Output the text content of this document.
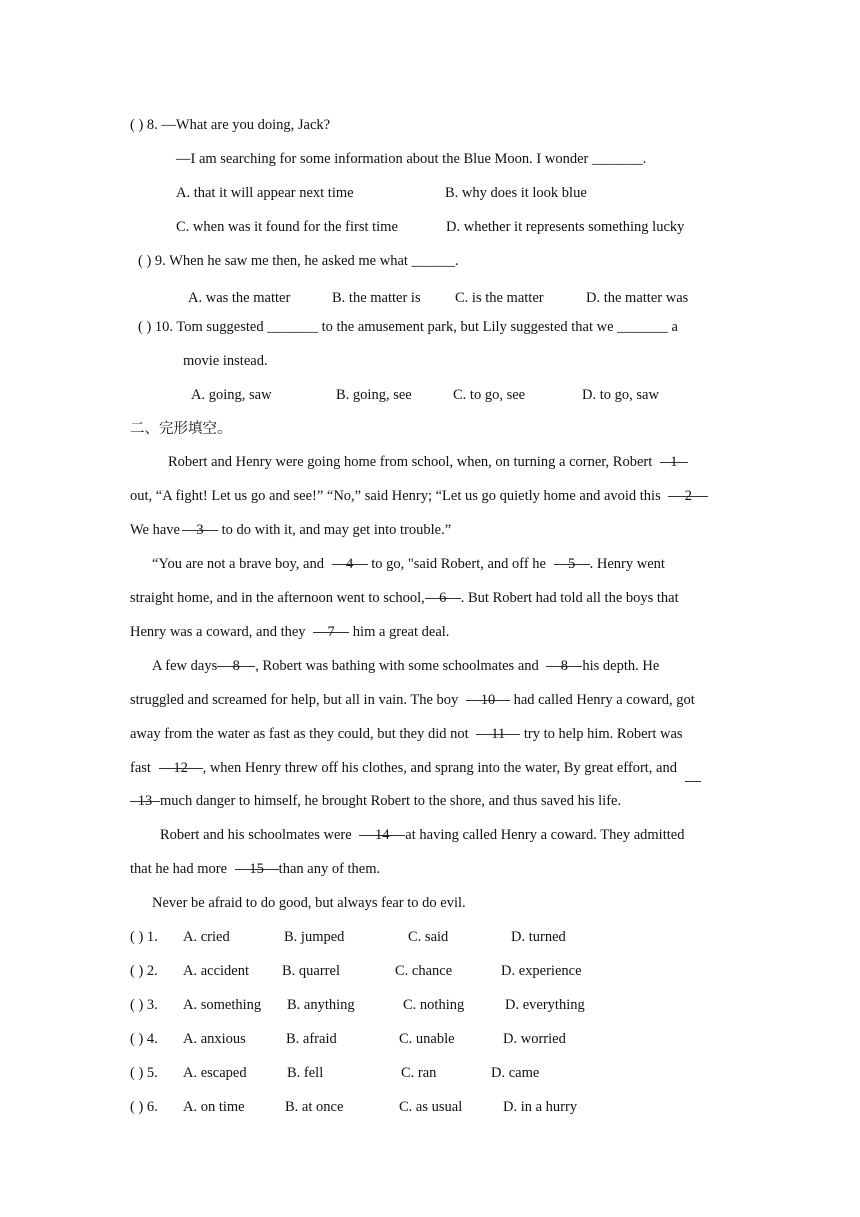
( ) 8. —What are you doing, Jack?
—I am searching for some information about the Blue Moon. I wonder _______.
A. that it will appear next time	B. why does it look blue
C. when was it found for the first time	D. whether it represents something lucky
( ) 9. When he saw me then, he asked me what ______.
A. was the matter	B. the matter is C. is the matter	D. the matter was
( ) 10. Tom suggested _______ to the amusement park, but Lily suggested that we _______ a
movie instead.
A. going, saw	B. going, see	C. to go, see	D. to go, saw
二、完形填空。
Robert and Henry were going home from school, when, on turning a corner, Robert 1
out, “A fight! Let us go and see!” “No,” said Henry; “Let us go quietly home and avoid this 2
We have 3 to do with it, and may get into trouble.”
“You are not a brave boy, and 4 to go, "said Robert, and off he 5 . Henry went
straight home, and in the afternoon went to school, 6 . But Robert had told all the boys that
Henry was a coward, and they 7 him a great deal.
A few days 8 , Robert was bathing with some schoolmates and 8 his depth. He
struggled and screamed for help, but all in vain. The boy 10 had called Henry a coward, got
away from the water as fast as they could, but they did not 11 try to help him. Robert was
fast 12 , when Henry threw off his clothes, and sprang into the water, By great effort, and
13 much danger to himself, he brought Robert to the shore, and thus saved his life.
Robert and his schoolmates were 14 at having called Henry a coward. They admitted
that he had more 15 than any of them.
Never be afraid to do good, but always fear to do evil.
( ) 1. A. cried	B. jumped	C. said	D. turned
( ) 2. A. accident B. quarrel	C. chance	D. experience
( ) 3. A. something B. anything	C. nothing	D. everything
( ) 4. A. anxious	B. afraid	C. unable	D. worried
( ) 5. A. escaped	B. fell	C. ran	D. came
( ) 6. A. on time	B. at once	C. as usual	D. in a hurry
